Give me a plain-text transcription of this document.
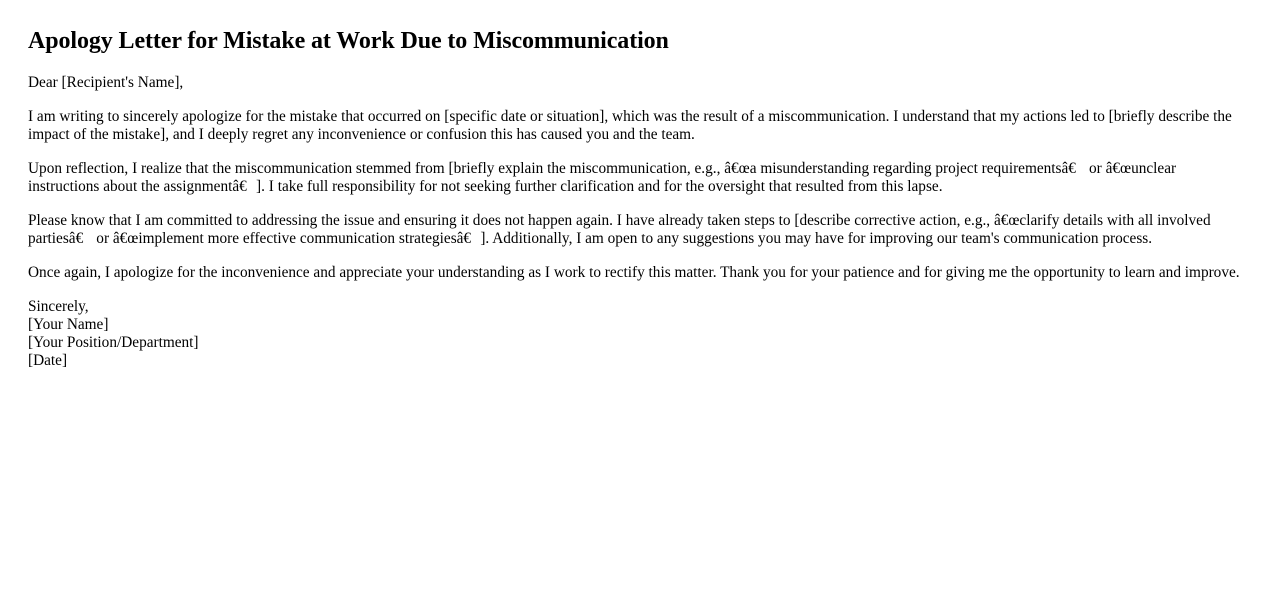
Apology Letter for Mistake at Work Due to Miscommunication

Dear [Recipient's Name],

I am writing to sincerely apologize for the mistake that occurred on [specific date or situation], which was the result of a miscommunication. I understand that my actions led to [briefly describe the impact of the mistake], and I deeply regret any inconvenience or confusion this has caused you and the team.

Upon reflection, I realize that the miscommunication stemmed from [briefly explain the miscommunication, e.g., â€œa misunderstanding regarding project requirementsâ€ or â€œunclear instructions about the assignmentâ€]. I take full responsibility for not seeking further clarification and for the oversight that resulted from this lapse.

Please know that I am committed to addressing the issue and ensuring it does not happen again. I have already taken steps to [describe corrective action, e.g., â€œclarify details with all involved partiesâ€ or â€œimplement more effective communication strategiesâ€]. Additionally, I am open to any suggestions you may have for improving our team's communication process.

Once again, I apologize for the inconvenience and appreciate your understanding as I work to rectify this matter. Thank you for your patience and for giving me the opportunity to learn and improve.

Sincerely,
[Your Name]
[Your Position/Department]
[Date]
